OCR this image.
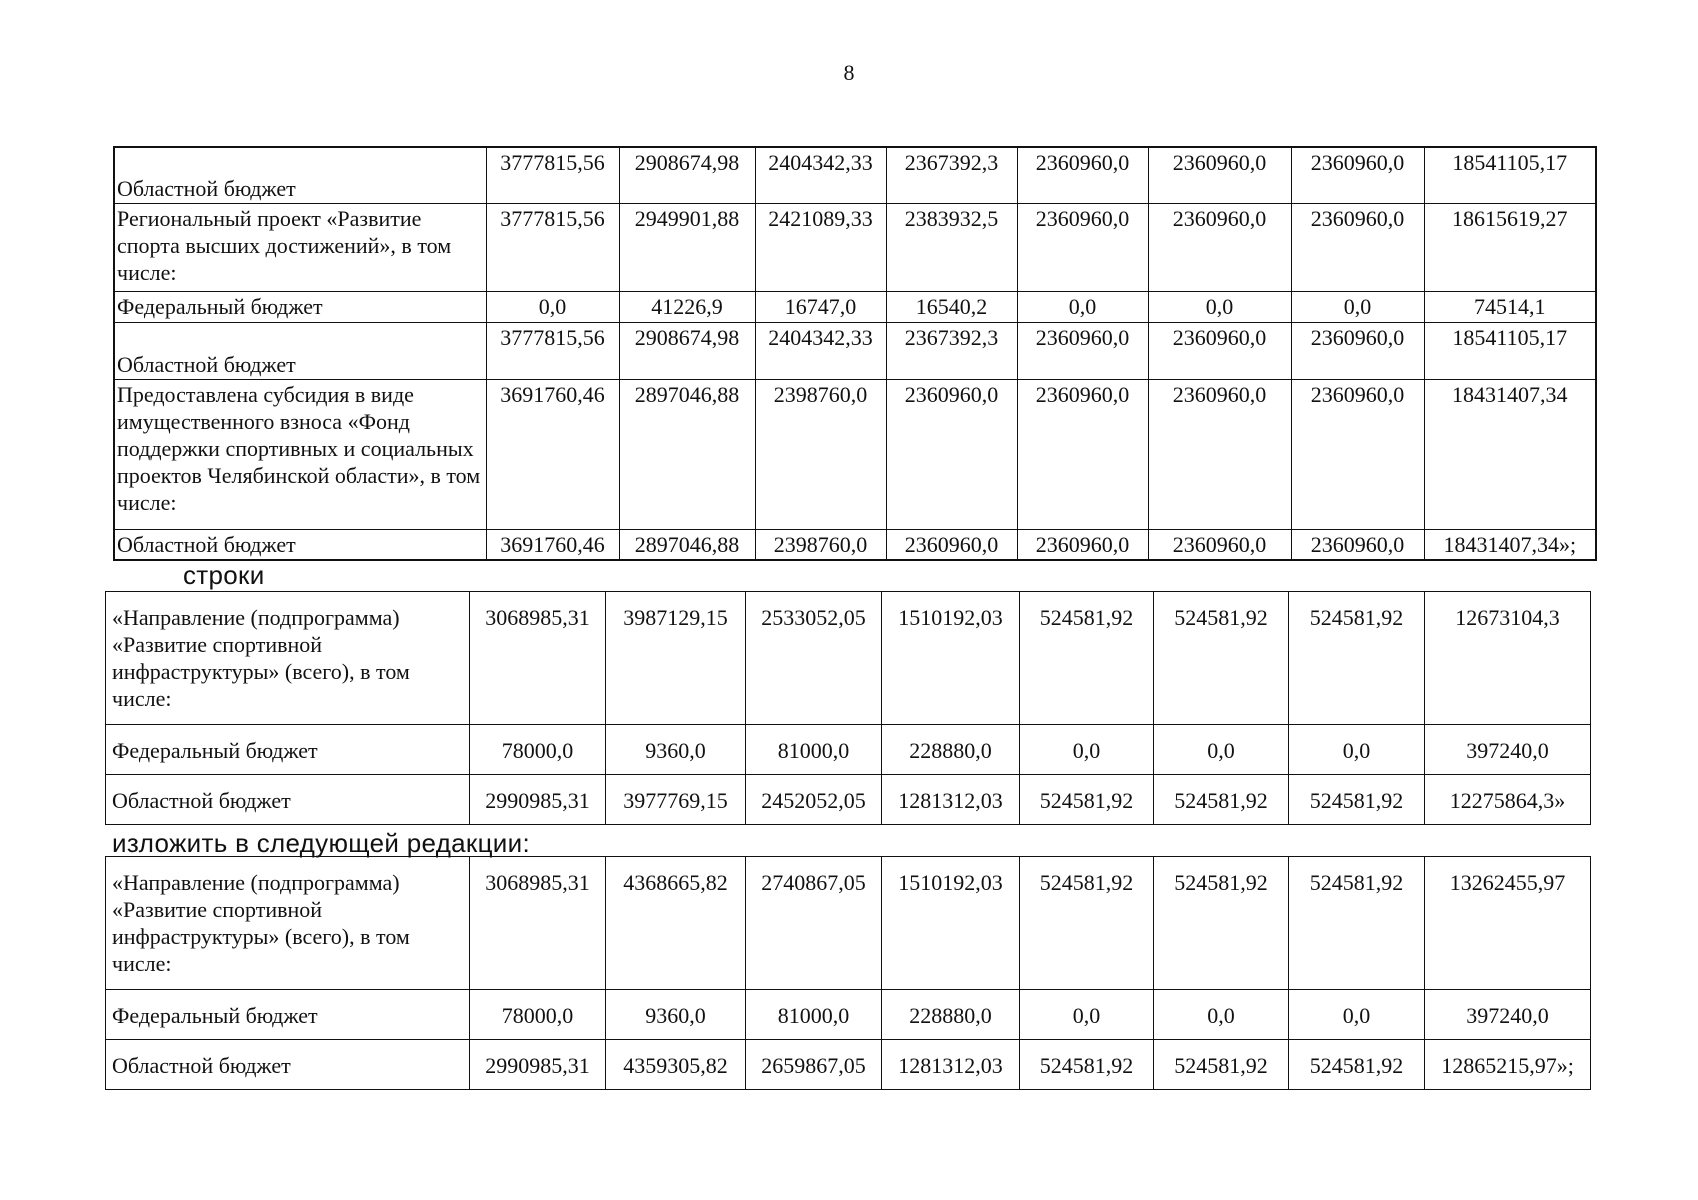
8
Областной бюджет	3777815,56	2908674,98	2404342,33	2367392,3	2360960,0	2360960,0	2360960,0	18541105,17
Региональный проект «Развитие спорта высших достижений», в том числе:	3777815,56	2949901,88	2421089,33	2383932,5	2360960,0	2360960,0	2360960,0	18615619,27
Федеральный бюджет	0,0	41226,9	16747,0	16540,2	0,0	0,0	0,0	74514,1
Областной бюджет	3777815,56	2908674,98	2404342,33	2367392,3	2360960,0	2360960,0	2360960,0	18541105,17
Предоставлена субсидия в виде имущественного взноса «Фонд поддержки спортивных и социальных проектов Челябинской области», в том числе:	3691760,46	2897046,88	2398760,0	2360960,0	2360960,0	2360960,0	2360960,0	18431407,34
Областной бюджет	3691760,46	2897046,88	2398760,0	2360960,0	2360960,0	2360960,0	2360960,0	18431407,34»;
строки
«Направление (подпрограмма) «Развитие спортивной инфраструктуры» (всего), в том числе:	3068985,31	3987129,15	2533052,05	1510192,03	524581,92	524581,92	524581,92	12673104,3
Федеральный бюджет	78000,0	9360,0	81000,0	228880,0	0,0	0,0	0,0	397240,0
Областной бюджет	2990985,31	3977769,15	2452052,05	1281312,03	524581,92	524581,92	524581,92	12275864,3»
изложить в следующей редакции:
«Направление (подпрограмма) «Развитие спортивной инфраструктуры» (всего), в том числе:	3068985,31	4368665,82	2740867,05	1510192,03	524581,92	524581,92	524581,92	13262455,97
Федеральный бюджет	78000,0	9360,0	81000,0	228880,0	0,0	0,0	0,0	397240,0
Областной бюджет	2990985,31	4359305,82	2659867,05	1281312,03	524581,92	524581,92	524581,92	12865215,97»;
